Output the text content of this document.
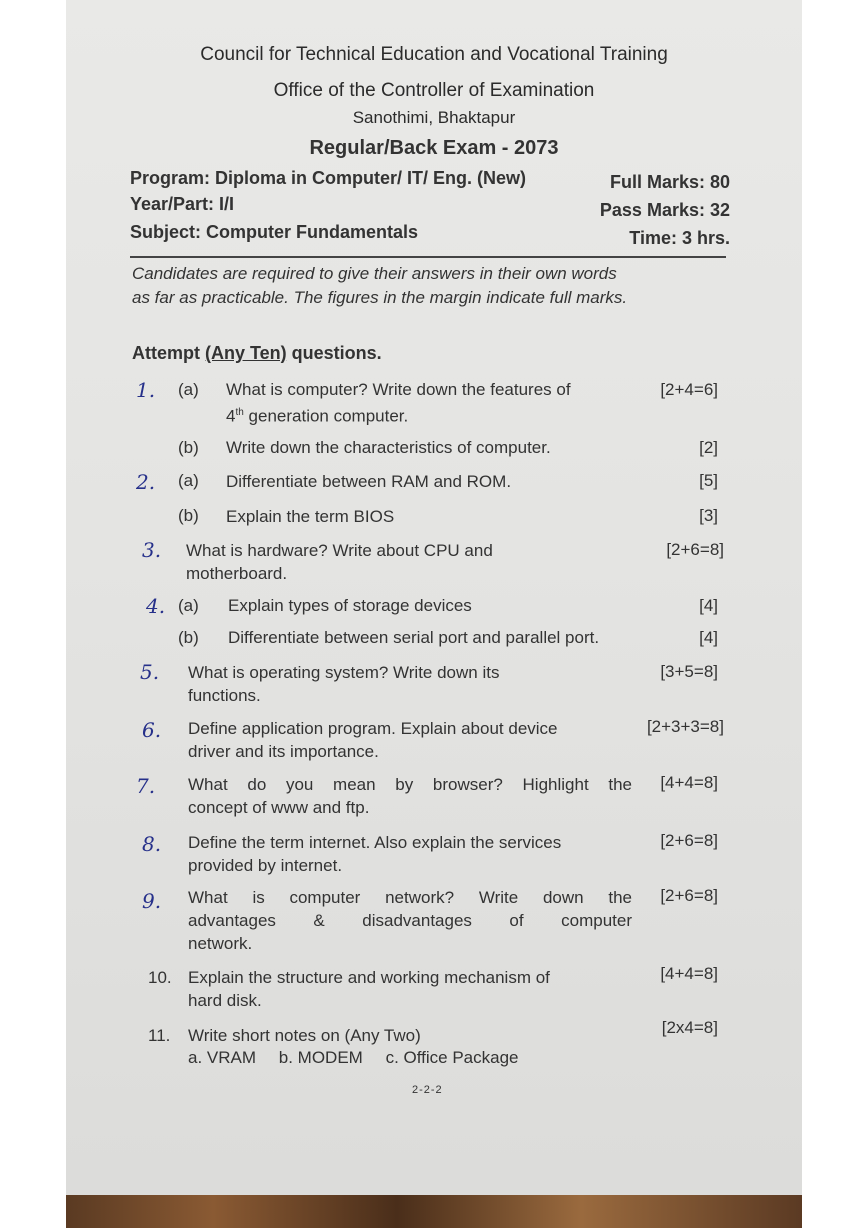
Council for Technical Education and Vocational Training
Office of the Controller of Examination
Sanothimi, Bhaktapur
Regular/Back Exam - 2073
Program: Diploma in Computer/ IT/ Eng. (New)	Full Marks: 80
Year/Part: I/I	Pass Marks: 32
Subject: Computer Fundamentals	Time: 3 hrs.
Candidates are required to give their answers in their own words
as far as practicable. The figures in the margin indicate full marks.
Attempt (Any Ten) questions.
1. (a) What is computer? Write down the features of
4th generation computer.
[2+4=6]
(b) Write down the characteristics of computer.	[2]
2. (a) Differentiate between RAM and ROM.	[5]
(b) Explain the term BIOS	[3]
3. What is hardware? Write about CPU and
motherboard.
[2+6=8]
4. (a) Explain types of storage devices	[4]
(b) Differentiate between serial port and parallel port.	[4]
5. What is operating system? Write down its
functions.
[3+5=8]
6. Define application program. Explain about device
driver and its importance.
[2+3+3=8]
7. What do you mean by browser? Highlight the
concept of www and ftp.
[4+4=8]
8. Define the term internet. Also explain the services
provided by internet.
[2+6=8]
9. What is computer network? Write down the
advantages & disadvantages of computer
network.
[2+6=8]
10. Explain the structure and working mechanism of
hard disk.
[4+4=8]
11. Write short notes on (Any Two)	[2x4=8]
a. VRAM b. MODEM c. Office Package
2-2-2
